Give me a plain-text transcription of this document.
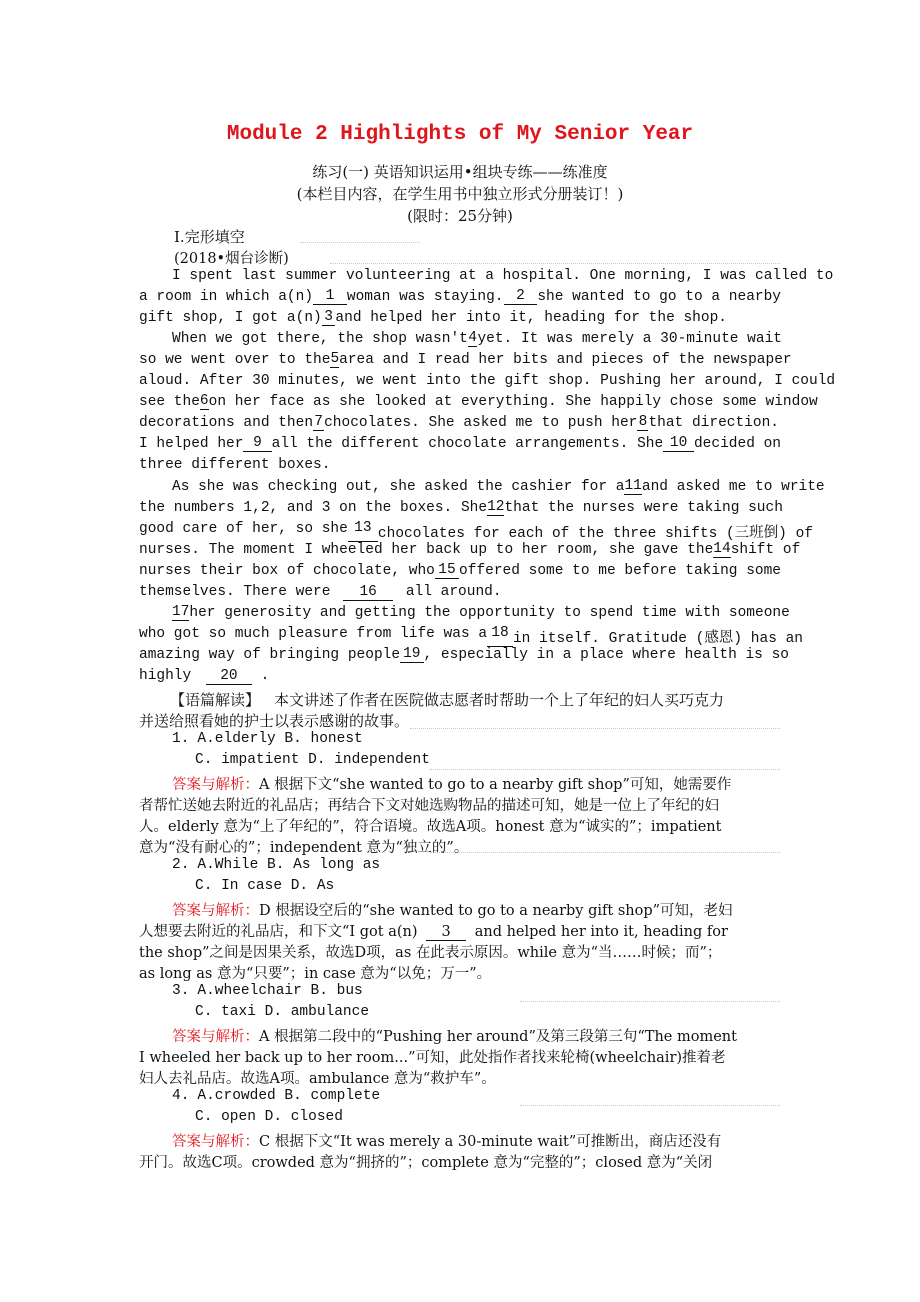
Module 2 Highlights of My Senior Year
练习(一) 英语知识运用•组块专练——练准度
(本栏目内容，在学生用书中独立形式分册装订！)
(限时：25分钟)
Ⅰ.完形填空
(2018•烟台诊断)
I spent last summer volunteering at a hospital. One morning, I was called to
a room in which a(n) 1 woman was staying. 2 she wanted to go to a nearby
gift shop, I got a(n) 3 and helped her into it, heading for the shop.
When we got there, the shop wasn't 4 yet. It was merely a 30-minute wait
so we went over to the 5 area and I read her bits and pieces of the newspaper
aloud. After 30 minutes, we went into the gift shop. Pushing her around, I could
see the 6 on her face as she looked at everything. She happily chose some window
decorations and then 7 chocolates. She asked me to push her 8 that direction.
I helped her 9 all the different chocolate arrangements. She 10 decided on
three different boxes.
As she was checking out, she asked the cashier for a 11 and asked me to write
the numbers 1,2, and 3 on the boxes. She 12 that the nurses were taking such
good care of her, so she 13 chocolates for each of the three shifts (三班倒) of
nurses. The moment I wheeled her back up to her room, she gave the 14 shift of
nurses their box of chocolate, who 15 offered some to me before taking some
themselves. There were 16 all around.
17 her generosity and getting the opportunity to spend time with someone
who got so much pleasure from life was a 18 in itself. Gratitude (感恩) has an
amazing way of bringing people 19 , especially in a place where health is so
highly 20 .
【语篇解读】 本文讲述了作者在医院做志愿者时帮助一个上了年纪的妇人买巧克力
并送给照看她的护士以表示感谢的故事。
1. A.elderly B. honest
C. impatient D. independent
答案与解析：A 根据下文“she wanted to go to a nearby gift shop”可知，她需要作
者帮忙送她去附近的礼品店；再结合下文对她选购物品的描述可知，她是一位上了年纪的妇
人。elderly 意为“上了年纪的”，符合语境。故选A项。honest 意为“诚实的”；impatient
意为“没有耐心的”；independent 意为“独立的”。
2. A.While B. As long as
C. In case D. As
答案与解析：D 根据设空后的“she wanted to go to a nearby gift shop”可知，老妇
人想要去附近的礼品店，和下文“I got a(n) 3 and helped her into it, heading for
the shop”之间是因果关系，故选D项，as 在此表示原因。while 意为“当……时候；而”；
as long as 意为“只要”；in case 意为“以免；万一”。
3. A.wheelchair B. bus
C. taxi D. ambulance
答案与解析：A 根据第二段中的“Pushing her around”及第三段第三句“The moment
I wheeled her back up to her room...”可知，此处指作者找来轮椅(wheelchair)推着老
妇人去礼品店。故选A项。ambulance 意为“救护车”。
4. A.crowded B. complete
C. open D. closed
答案与解析：C 根据下文“It was merely a 30-minute wait”可推断出，商店还没有
开门。故选C项。crowded 意为“拥挤的”；complete 意为“完整的”；closed 意为“关闭
